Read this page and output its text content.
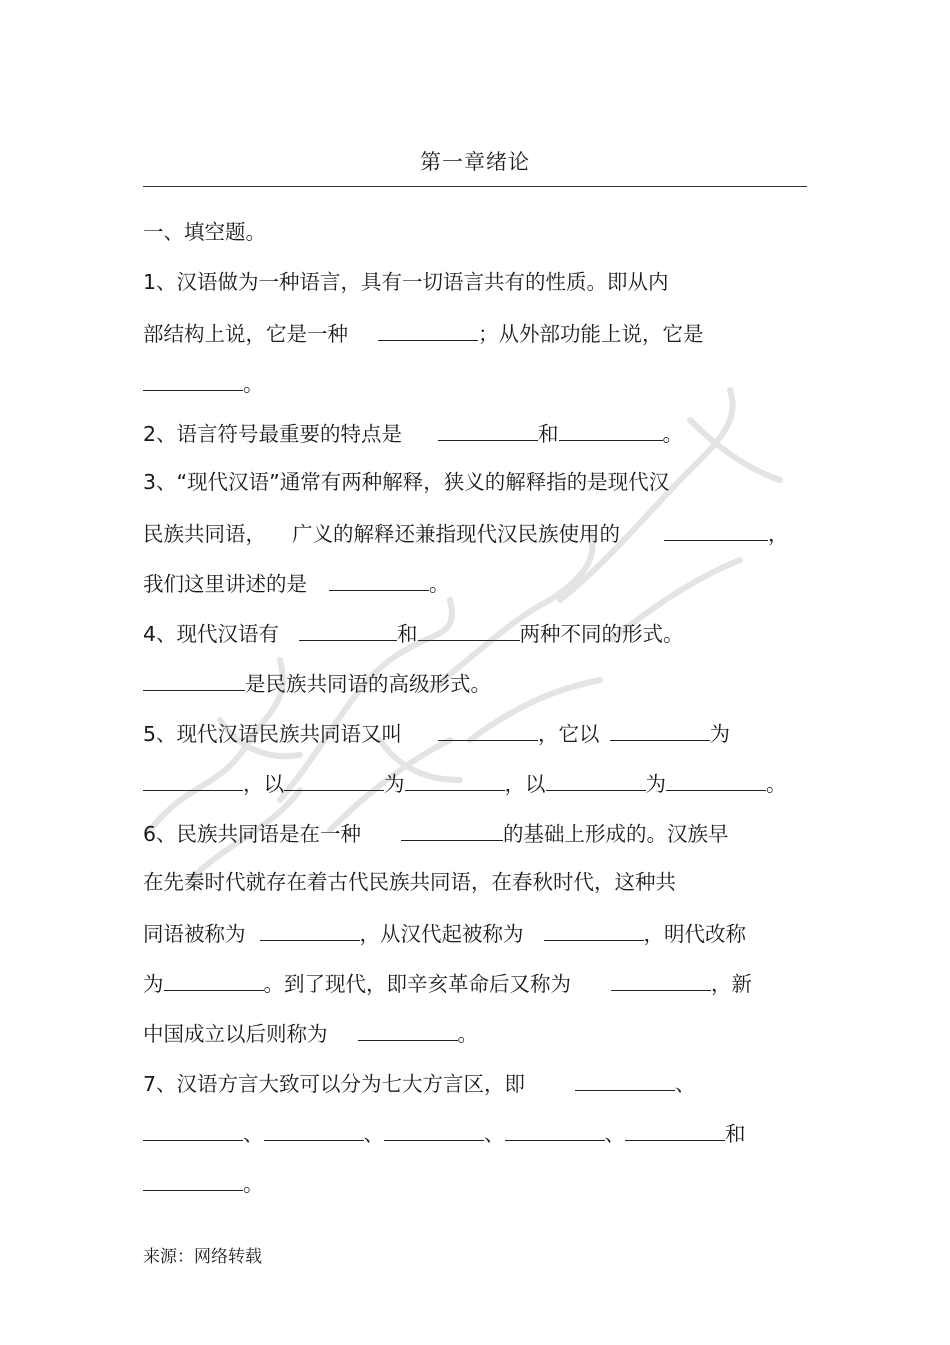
第一章绪论
一、填空题。
1、汉语做为一种语言，具有一切语言共有的性质。即从内
部结构上说，它是一种	；从外部功能上说，它是
。
2、语言符号最重要的特点是	和	。
3、“现代汉语”通常有两种解释，狭义的解释指的是现代汉
民族共同语， 广义的解释还兼指现代汉民族使用的	，
我们这里讲述的是	。
4、现代汉语有	和	两种不同的形式。
是民族共同语的高级形式。
5、现代汉语民族共同语又叫	，它以	为
，以	为	，以	为	。
6、民族共同语是在一种	的基础上形成的。汉族早
在先秦时代就存在着古代民族共同语，在春秋时代，这种共
同语被称为	，从汉代起被称为	，明代改称
为	。到了现代，即辛亥革命后又称为	，新
中国成立以后则称为	。
7、汉语方言大致可以分为七大方言区，即	、
、	、	、	、	和
。
来源：网络转载
